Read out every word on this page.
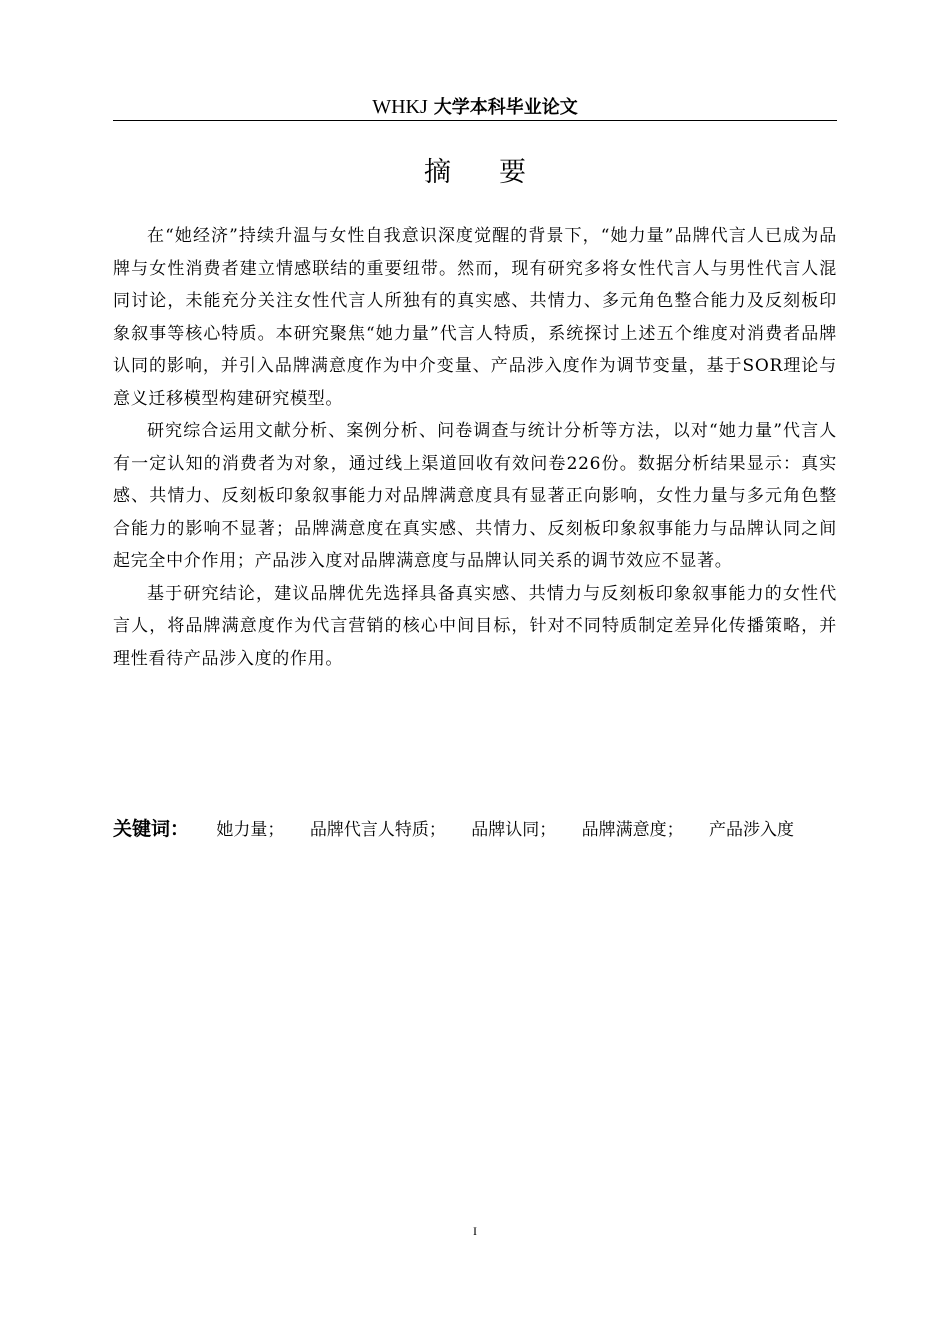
WHKJ 大学本科毕业论文
摘要

在“她经济”持续升温与女性自我意识深度觉醒的背景下，“她力量”品牌代言人已成为品牌与女性消费者建立情感联结的重要纽带。然而，现有研究多将女性代言人与男性代言人混同讨论，未能充分关注女性代言人所独有的真实感、共情力、多元角色整合能力及反刻板印象叙事等核心特质。本研究聚焦“她力量”代言人特质，系统探讨上述五个维度对消费者品牌认同的影响，并引入品牌满意度作为中介变量、产品涉入度作为调节变量，基于SOR理论与意义迁移模型构建研究模型。

研究综合运用文献分析、案例分析、问卷调查与统计分析等方法，以对“她力量”代言人有一定认知的消费者为对象，通过线上渠道回收有效问卷226份。数据分析结果显示：真实感、共情力、反刻板印象叙事能力对品牌满意度具有显著正向影响，女性力量与多元角色整合能力的影响不显著；品牌满意度在真实感、共情力、反刻板印象叙事能力与品牌认同之间起完全中介作用；产品涉入度对品牌满意度与品牌认同关系的调节效应不显著。

基于研究结论，建议品牌优先选择具备真实感、共情力与反刻板印象叙事能力的女性代言人，将品牌满意度作为代言营销的核心中间目标，针对不同特质制定差异化传播策略，并理性看待产品涉入度的作用。

关键词： 她力量； 品牌代言人特质； 品牌认同； 品牌满意度； 产品涉入度
I
